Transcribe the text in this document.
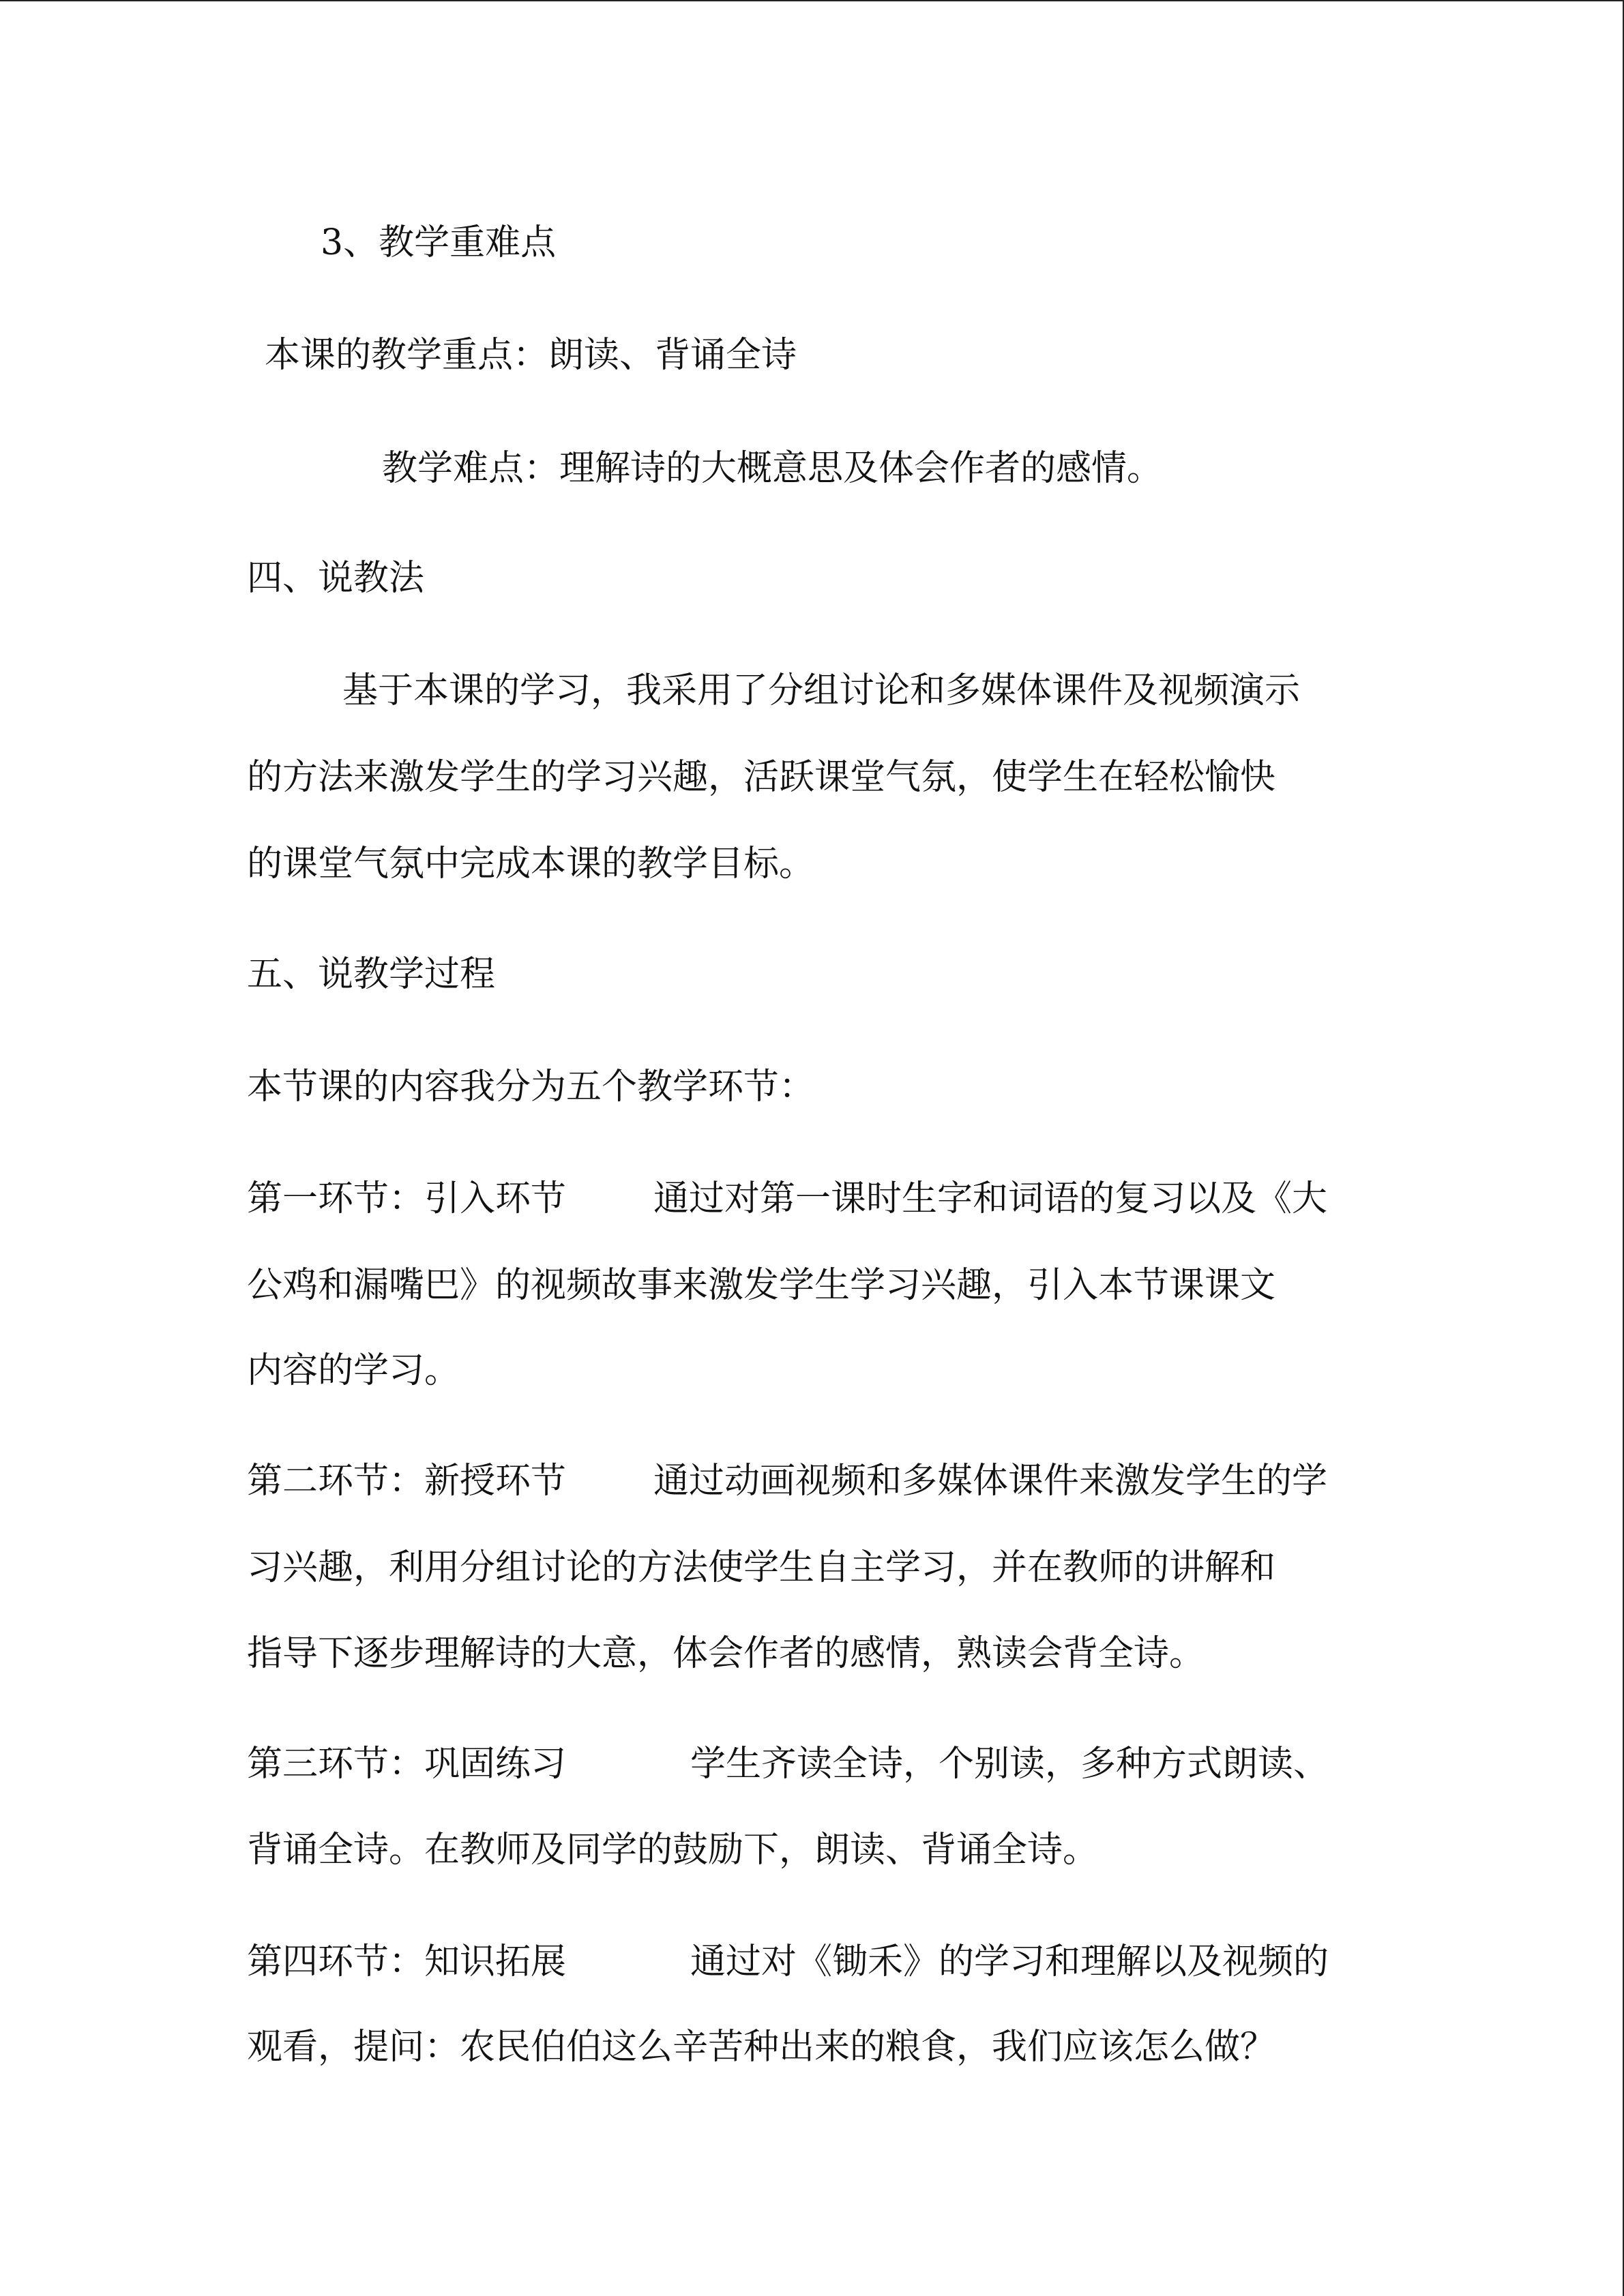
3、教学重难点
本课的教学重点：朗读、背诵全诗
教学难点：理解诗的大概意思及体会作者的感情。
四、说教法
基于本课的学习，我采用了分组讨论和多媒体课件及视频演示
的方法来激发学生的学习兴趣，活跃课堂气氛，使学生在轻松愉快
的课堂气氛中完成本课的教学目标。
五、说教学过程
本节课的内容我分为五个教学环节：
第一环节：引入环节 通过对第一课时生字和词语的复习以及《大
公鸡和漏嘴巴》的视频故事来激发学生学习兴趣，引入本节课课文
内容的学习。
第二环节：新授环节 通过动画视频和多媒体课件来激发学生的学
习兴趣，利用分组讨论的方法使学生自主学习，并在教师的讲解和
指导下逐步理解诗的大意，体会作者的感情，熟读会背全诗。
第三环节：巩固练习	学生齐读全诗，个别读，多种方式朗读、
背诵全诗。在教师及同学的鼓励下，朗读、背诵全诗。
第四环节：知识拓展	通过对《锄禾》的学习和理解以及视频的
观看，提问：农民伯伯这么辛苦种出来的粮食，我们应该怎么做？
